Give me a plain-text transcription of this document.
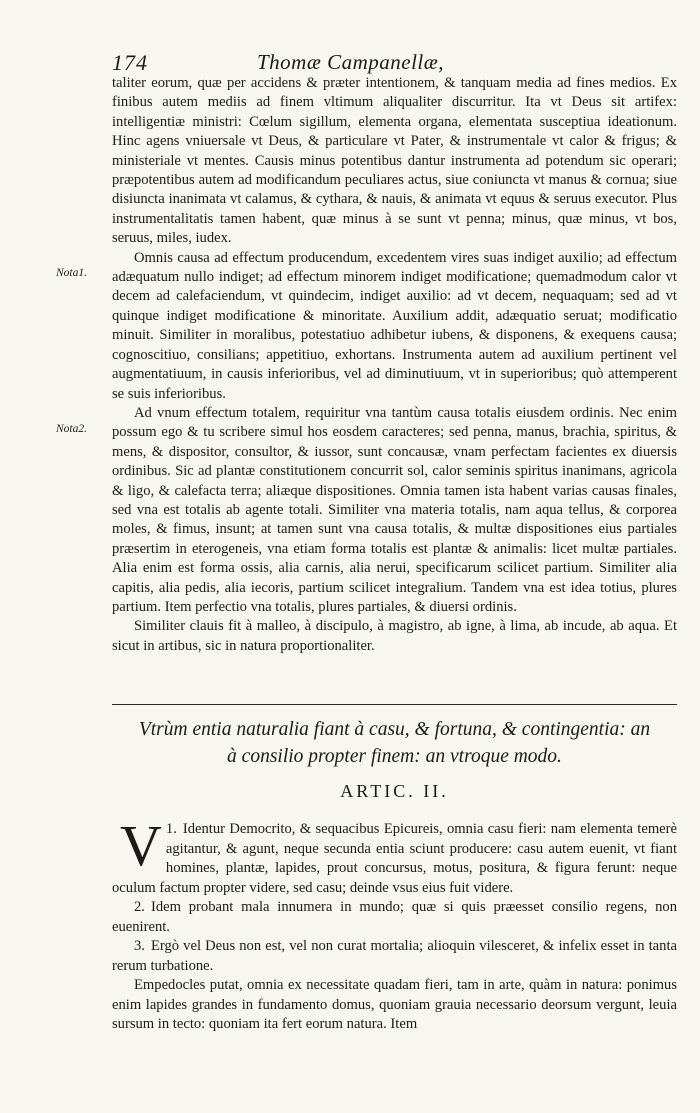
174	Thomæ Campanellæ,
Nota1.
Nota2.

taliter eorum, quæ per accidens & præter intentionem, & tanquam media ad fines medios. Ex finibus autem mediis ad finem vltimum aliqualiter discurritur. Ita vt Deus sit artifex: intelligentiæ ministri: Cœlum sigillum, elementa organa, elementata susceptiua ideationum. Hinc agens vniuersale vt Deus, & particulare vt Pater, & instrumentale vt calor & frigus; & ministeriale vt mentes. Causis minus potentibus dantur instrumenta ad potendum sic operari; præpotentibus autem ad modificandum peculiares actus, siue coniuncta vt manus & cornua; siue disiuncta inanimata vt calamus, & cythara, & nauis, & animata vt equus & seruus executor. Plus instrumentalitatis tamen habent, quæ minus à se sunt vt penna; minus, quæ minus, vt bos, seruus, miles, iudex.

Omnis causa ad effectum producendum, excedentem vires suas indiget auxilio; ad effectum adæquatum nullo indiget; ad effectum minorem indiget modificatione; quemadmodum calor vt decem ad calefaciendum, vt quindecim, indiget auxilio: ad vt decem, nequaquam; sed ad vt quinque indiget modificatione & minoritate. Auxilium addit, adæquatio seruat; modificatio minuit. Similiter in moralibus, potestatiuo adhibetur iubens, & disponens, & exequens causa; cognoscitiuo, consilians; appetitiuo, exhortans. Instrumenta autem ad auxilium pertinent vel augmentatiuum, in causis inferioribus, vel ad diminutiuum, vt in superioribus; quò attemperent se suis inferioribus.

Ad vnum effectum totalem, requiritur vna tantùm causa totalis eiusdem ordinis. Nec enim possum ego & tu scribere simul hos eosdem caracteres; sed penna, manus, brachia, spiritus, & mens, & dispositor, consultor, & iussor, sunt concausæ, vnam perfectam facientes ex diuersis ordinibus. Sic ad plantæ constitutionem concurrit sol, calor seminis spiritus inanimans, agricola & ligo, & calefacta terra; aliæque dispositiones. Omnia tamen ista habent varias causas finales, sed vna est totalis ab agente totali. Similiter vna materia totalis, nam aqua tellus, & corporea moles, & fimus, insunt; at tamen sunt vna causa totalis, & multæ dispositiones eius partiales præsertim in eterogeneis, vna etiam forma totalis est plantæ & animalis: licet multæ partiales. Alia enim est forma ossis, alia carnis, alia nerui, specificarum scilicet partium. Similiter alia capitis, alia pedis, alia iecoris, partium scilicet integralium. Tandem vna est idea totius, plures partium. Item perfectio vna totalis, plures partiales, & diuersi ordinis.

Similiter clauis fit à malleo, à discipulo, à magistro, ab igne, à lima, ab incude, ab aqua. Et sicut in artibus, sic in natura proportionaliter.

Vtrùm entia naturalia fiant à casu, & fortuna, & contingentia: an
à consilio propter finem: an vtroque modo.
ARTIC. II.

1.
V Identur Democrito, & sequacibus Epicureis, omnia casu fieri: nam elementa temerè agitantur, & agunt, neque secunda entia sciunt producere: casu autem euenit, vt fiant homines, plantæ, lapides, prout concursus, motus, positura, & figura ferunt: neque oculum factum propter videre, sed casu; deinde vsus eius fuit videre.

2. Idem probant mala innumera in mundo; quæ si quis præesset consilio regens, non euenirent.

3. Ergò vel Deus non est, vel non curat mortalia; alioquin vilesceret, & infelix esset in tanta rerum turbatione.

Empedocles putat, omnia ex necessitate quadam fieri, tam in arte, quàm in natura: ponimus enim lapides grandes in fundamento domus, quoniam grauia necessario deorsum vergunt, leuia sursum in tecto: quoniam ita fert eorum natura. Item
